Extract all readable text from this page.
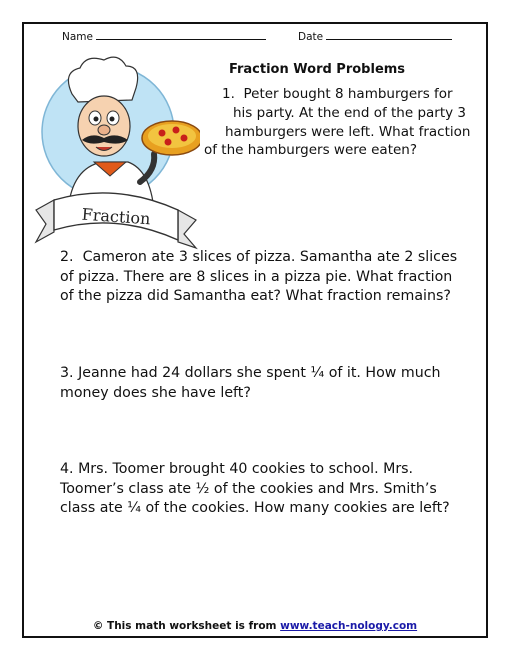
Name	Date
Fraction
Fraction Word Problems
1. Peter bought 8 hamburgers for
his party. At the end of the party 3
hamburgers were left. What fraction
of the hamburgers were eaten?
2. Cameron ate 3 slices of pizza. Samantha ate 2 slices
of pizza. There are 8 slices in a pizza pie. What fraction
of the pizza did Samantha eat? What fraction remains?
3. Jeanne had 24 dollars she spent ¼ of it. How much
money does she have left?
4. Mrs. Toomer brought 40 cookies to school. Mrs.
Toomer’s class ate ½ of the cookies and Mrs. Smith’s
class ate ¼ of the cookies. How many cookies are left?
© This math worksheet is from www.teach-nology.com
